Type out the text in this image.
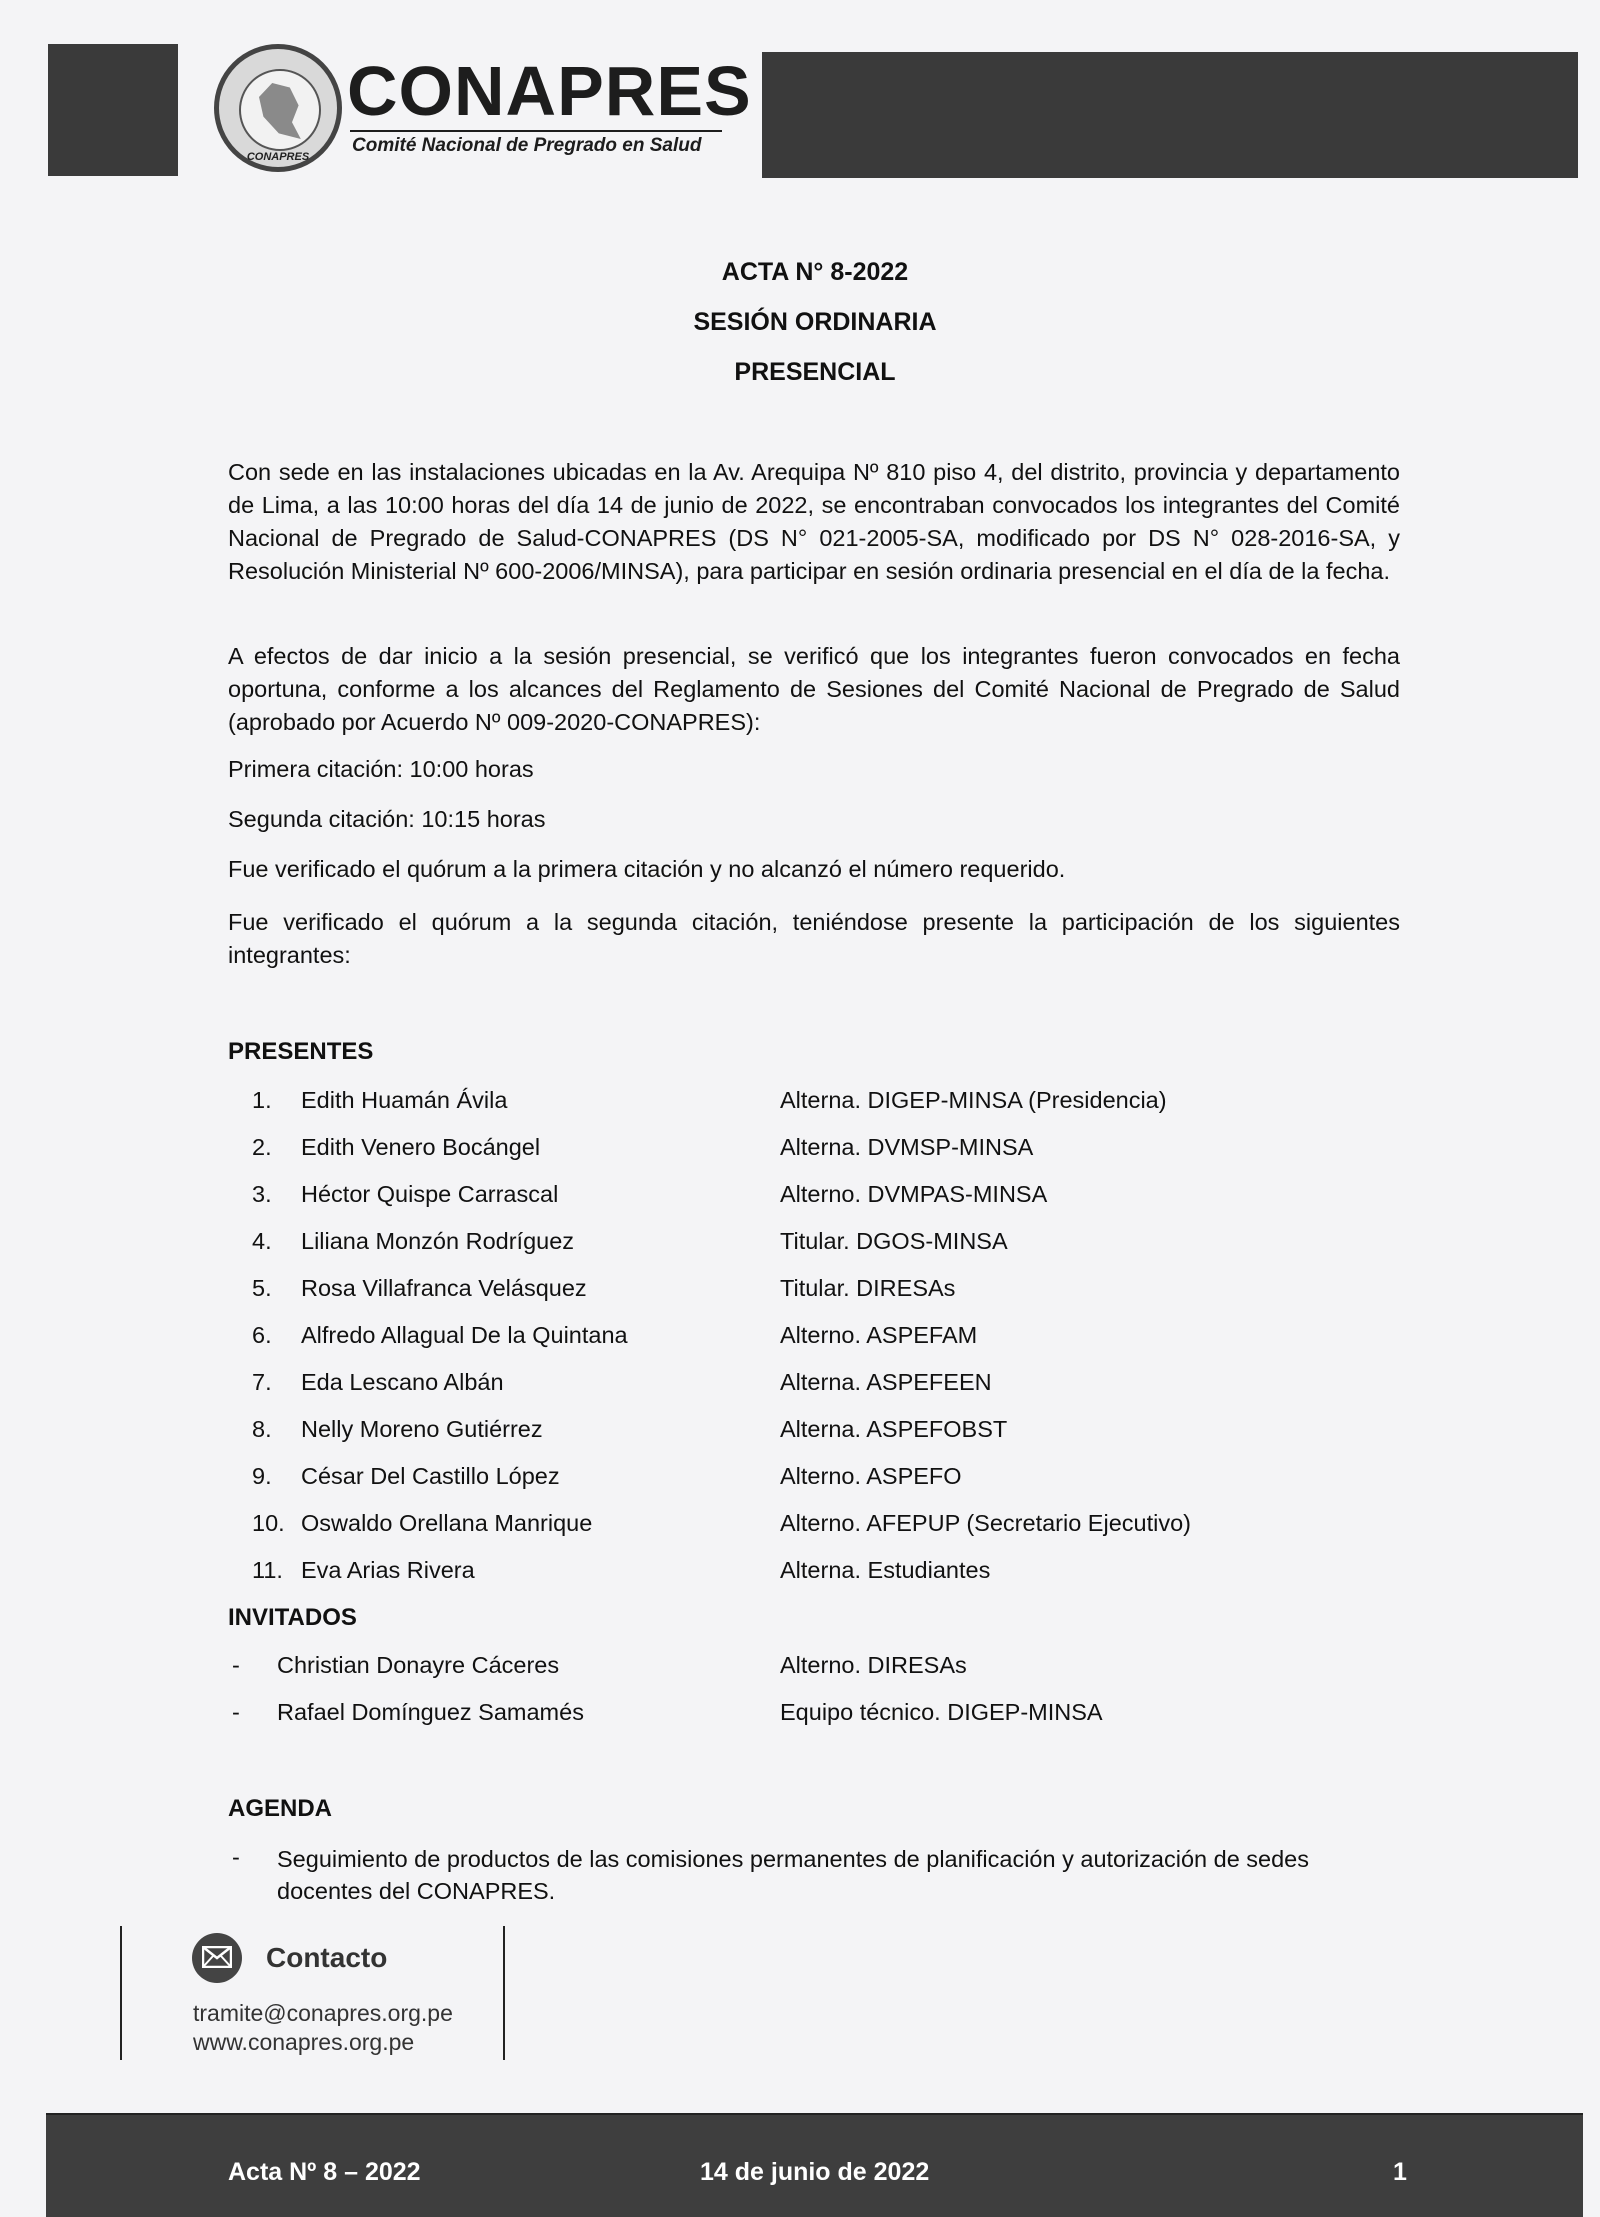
CONAPRES
CONAPRES
Comité Nacional de Pregrado en Salud
ACTA N° 8-2022
SESIÓN ORDINARIA
PRESENCIAL

Con sede en las instalaciones ubicadas en la Av. Arequipa Nº 810 piso 4, del distrito, provincia y departamento de Lima, a las 10:00 horas del día 14 de junio de 2022, se encontraban convocados los integrantes del Comité Nacional de Pregrado de Salud-CONAPRES (DS N° 021-2005-SA, modificado por DS N° 028-2016-SA, y Resolución Ministerial Nº 600-2006/MINSA), para participar en sesión ordinaria presencial en el día de la fecha.

A efectos de dar inicio a la sesión presencial, se verificó que los integrantes fueron convocados en fecha oportuna, conforme a los alcances del Reglamento de Sesiones del Comité Nacional de Pregrado de Salud (aprobado por Acuerdo Nº 009-2020-CONAPRES):

Primera citación: 10:00 horas

Segunda citación: 10:15 horas

Fue verificado el quórum a la primera citación y no alcanzó el número requerido.

Fue verificado el quórum a la segunda citación, teniéndose presente la participación de los siguientes integrantes:

PRESENTES
1. Edith Huamán Ávila	Alterna. DIGEP-MINSA (Presidencia)
2. Edith Venero Bocángel	Alterna. DVMSP-MINSA
3. Héctor Quispe Carrascal	Alterno. DVMPAS-MINSA
4. Liliana Monzón Rodríguez	Titular. DGOS-MINSA
5. Rosa Villafranca Velásquez	Titular. DIRESAs
6. Alfredo Allagual De la Quintana	Alterno. ASPEFAM
7. Eda Lescano Albán	Alterna. ASPEFEEN
8. Nelly Moreno Gutiérrez	Alterna. ASPEFOBST
9. César Del Castillo López	Alterno. ASPEFO
10. Oswaldo Orellana Manrique	Alterno. AFEPUP (Secretario Ejecutivo)
11. Eva Arias Rivera	Alterna. Estudiantes
INVITADOS
- Christian Donayre Cáceres	Alterno. DIRESAs
- Rafael Domínguez Samamés	Equipo técnico. DIGEP-MINSA
AGENDA
- Seguimiento de productos de las comisiones permanentes de planificación y autorización de sedes docentes del CONAPRES.

Contacto
tramite@conapres.org.pe
www.conapres.org.pe
Acta Nº 8 – 2022	14 de junio de 2022	1
